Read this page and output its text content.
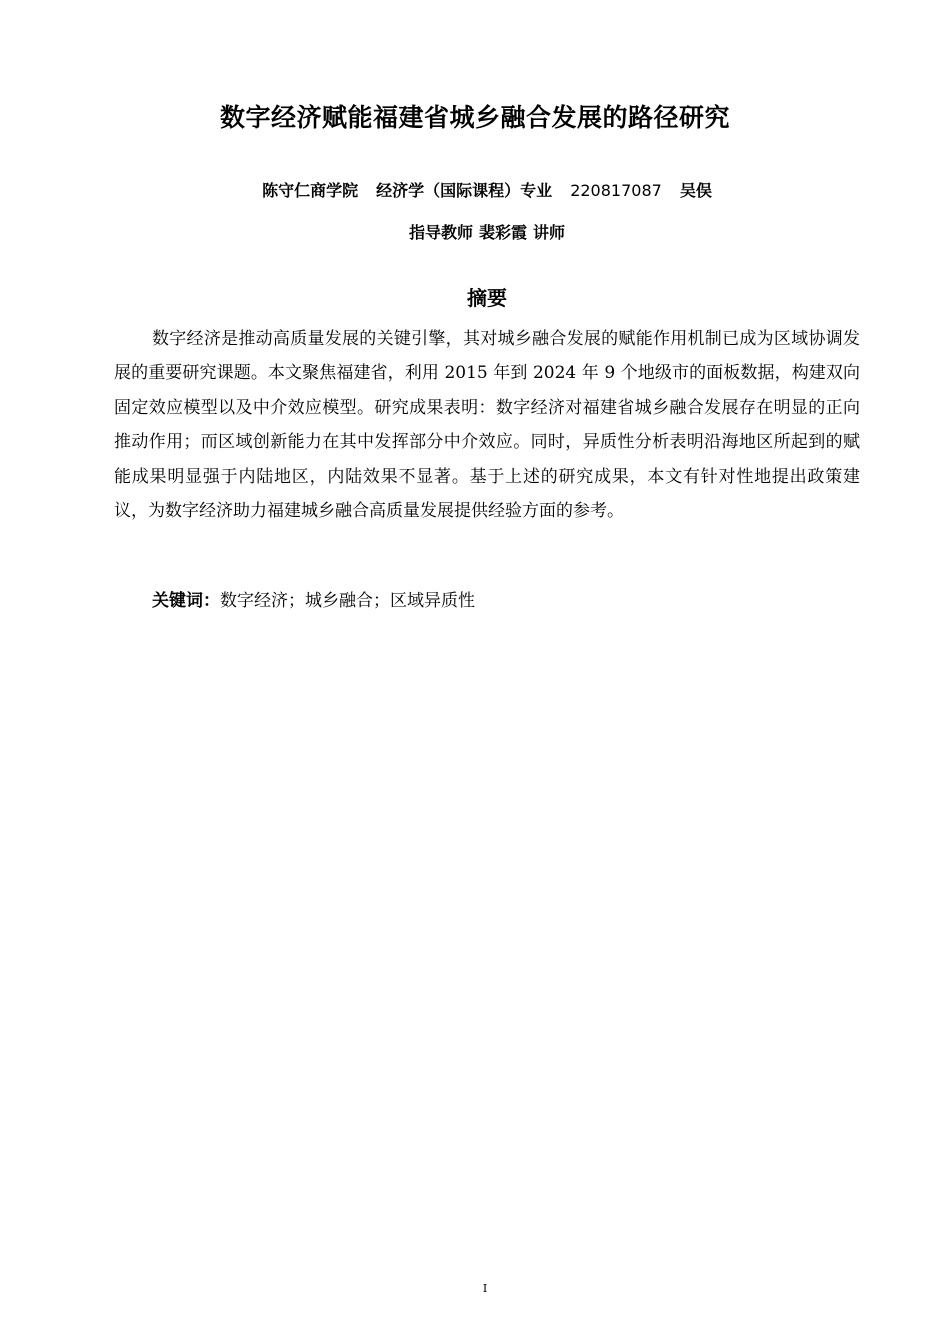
数字经济赋能福建省城乡融合发展的路径研究
陈守仁商学院 经济学（国际课程）专业 220817087 吴俣
指导教师 裴彩霞 讲师
摘要

数字经济是推动高质量发展的关键引擎，其对城乡融合发展的赋能作用机制已成为区域协调发展的重要研究课题。本文聚焦福建省，利用 2015 年到 2024 年 9 个地级市的面板数据，构建双向固定效应模型以及中介效应模型。研究成果表明：数字经济对福建省城乡融合发展存在明显的正向推动作用；而区域创新能力在其中发挥部分中介效应。同时，异质性分析表明沿海地区所起到的赋能成果明显强于内陆地区，内陆效果不显著。基于上述的研究成果，本文有针对性地提出政策建议，为数字经济助力福建城乡融合高质量发展提供经验方面的参考。

关键词：数字经济；城乡融合；区域异质性
I
